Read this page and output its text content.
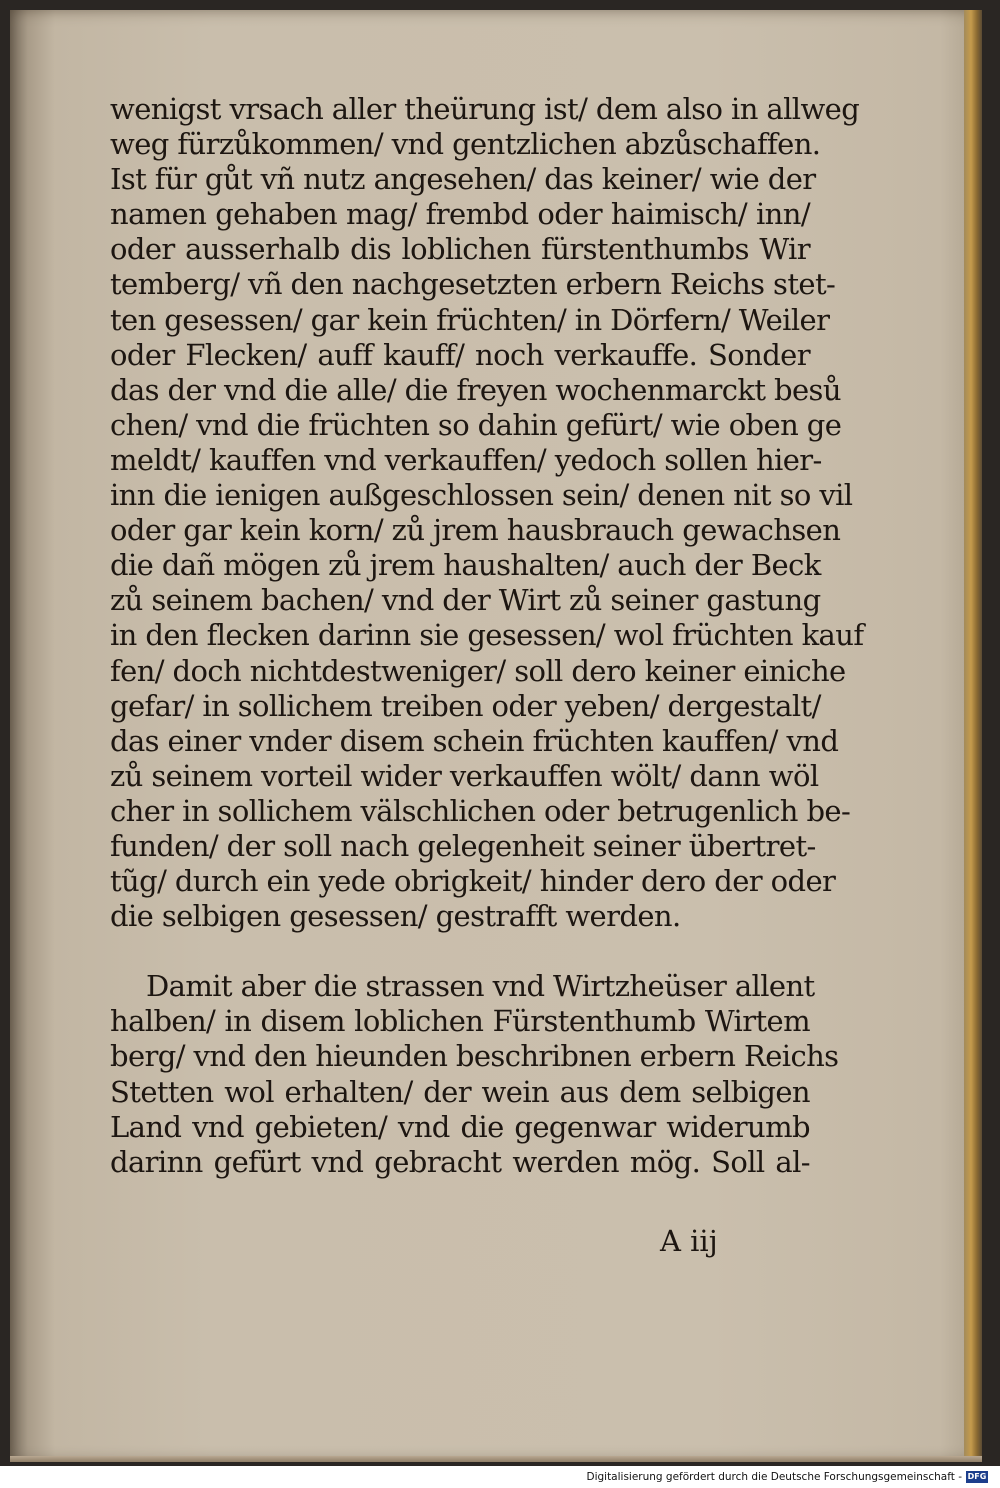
wenigst vrsach aller theürung ist/ dem also in allweg
weg fürzůkommen/ vnd gentzlichen abzůschaffen.
Ist für gůt vñ nutz angesehen/ das keiner/ wie der
namen gehaben mag/ frembd oder haimisch/ inn/
oder ausserhalb dis loblichen fürstenthumbs Wir
temberg/ vñ den nachgesetzten erbern Reichs stet-
ten gesessen/ gar kein früchten/ in Dörfern/ Weiler
oder Flecken/ auff kauff/ noch verkauffe. Sonder
das der vnd die alle/ die freyen wochenmarckt besů
chen/ vnd die früchten so dahin gefürt/ wie oben ge
meldt/ kauffen vnd verkauffen/ yedoch sollen hier-
inn die ienigen außgeschlossen sein/ denen nit so vil
oder gar kein korn/ zů jrem hausbrauch gewachsen
die dañ mögen zů jrem haushalten/ auch der Beck
zů seinem bachen/ vnd der Wirt zů seiner gastung
in den flecken darinn sie gesessen/ wol früchten kauf
fen/ doch nichtdestweniger/ soll dero keiner einiche
gefar/ in sollichem treiben oder yeben/ dergestalt/
das einer vnder disem schein früchten kauffen/ vnd
zů seinem vorteil wider verkauffen wölt/ dann wöl
cher in sollichem välschlichen oder betrugenlich be-
funden/ der soll nach gelegenheit seiner übertret-
tũg/ durch ein yede obrigkeit/ hinder dero der oder
die selbigen gesessen/ gestrafft werden.
Damit aber die strassen vnd Wirtzheüser allent
halben/ in disem loblichen Fürstenthumb Wirtem
berg/ vnd den hieunden beschribnen erbern Reichs
Stetten wol erhalten/ der wein aus dem selbigen
Land vnd gebieten/ vnd die gegenwar widerumb
darinn gefürt vnd gebracht werden mög. Soll al-
A iij
Digitalisierung gefördert durch die Deutsche Forschungsgemeinschaft - DFG
